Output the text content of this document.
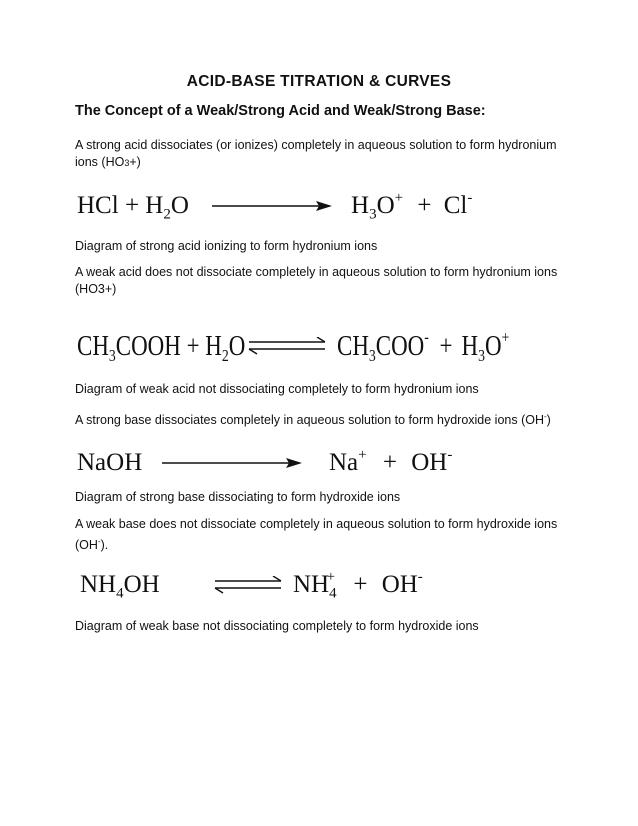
ACID-BASE TITRATION & CURVES
The Concept of a Weak/Strong Acid and Weak/Strong Base:
A strong acid dissociates (or ionizes) completely in aqueous solution to form hydronium ions (HO3+)
HCl + $H_2O$	$H_3O^+ + Cl^-$
Diagram of strong acid ionizing to form hydronium ions
A weak acid does not dissociate completely in aqueous solution to form hydronium ions (HO3+)
$CH_3COOH + H_2O$ ⇌ $CH_3COO^- + H_3O^+$
Diagram of weak acid not dissociating completely to form hydronium ions
A strong base dissociates completely in aqueous solution to form hydroxide ions (OH-)
NaOH	Na+ + OH-
Diagram of strong base dissociating to form hydroxide ions
A weak base does not dissociate completely in aqueous solution to form hydroxide ions (OH-).
$NH_4OH$ ⇌ $NH_4^+ + OH^-$
Diagram of weak base not dissociating completely to form hydroxide ions
